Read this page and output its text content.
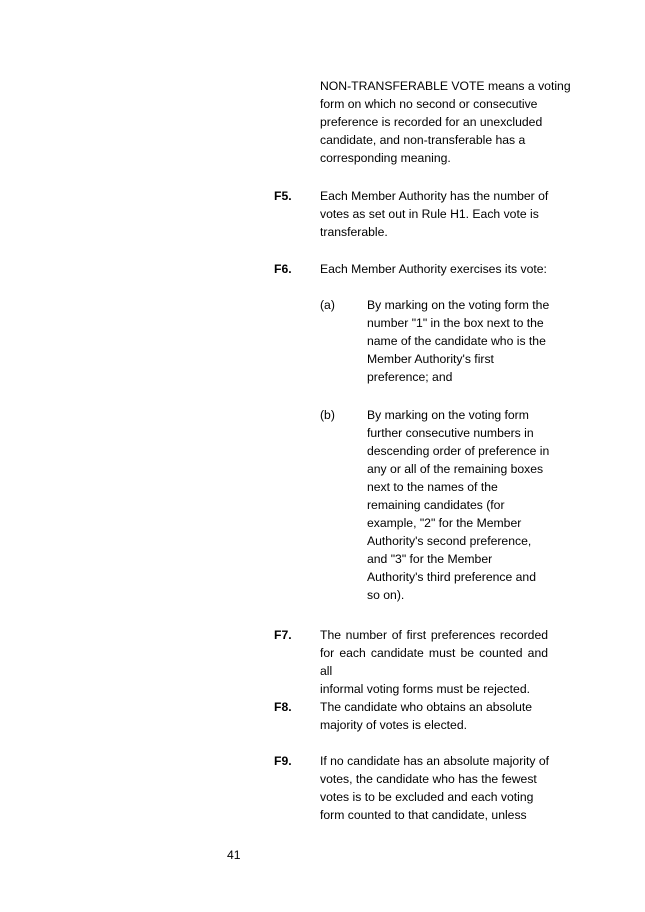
NON-TRANSFERABLE VOTE means a voting
form on which no second or consecutive
preference is recorded for an unexcluded
candidate, and non-transferable has a
corresponding meaning.
F5. Each Member Authority has the number of
votes as set out in Rule H1. Each vote is
transferable.
F6. Each Member Authority exercises its vote:
(a)	By marking on the voting form the
number "1" in the box next to the
name of the candidate who is the
Member Authority's first
preference; and
(b)	By marking on the voting form
further consecutive numbers in
descending order of preference in
any or all of the remaining boxes
next to the names of the
remaining candidates (for
example, "2" for the Member
Authority's second preference,
and "3" for the Member
Authority's third preference and
so on).
F7. The number of first preferences recorded
for each candidate must be counted and all
informal voting forms must be rejected.
F8. The candidate who obtains an absolute
majority of votes is elected.
F9. If no candidate has an absolute majority of
votes, the candidate who has the fewest
votes is to be excluded and each voting
form counted to that candidate, unless
41
